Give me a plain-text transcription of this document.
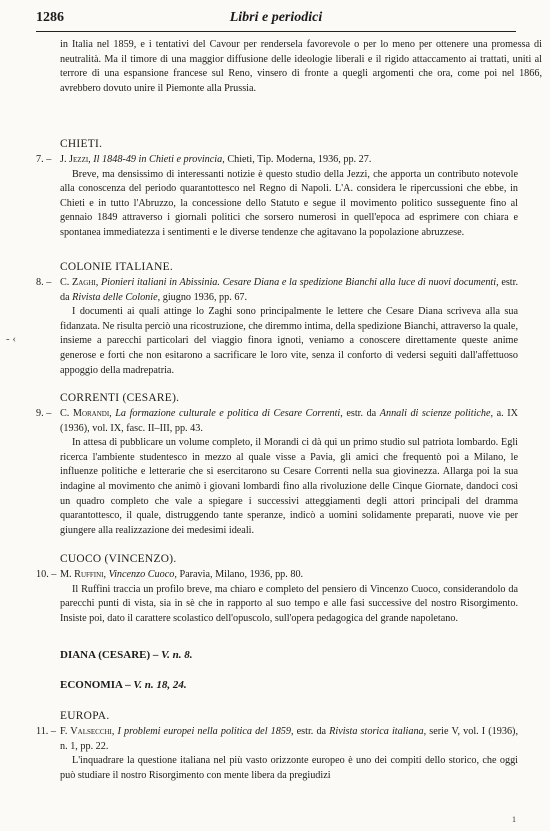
1286	Libri e periodici

in Italia nel 1859, e i tentativi del Cavour per rendersela favorevole o per lo meno per ottenere una promessa di neutralità. Ma il timore di una maggior diffusione delle ideologie liberali e il rigido attaccamento ai trattati, uniti al terrore di una espansione francese sul Reno, vinsero di fronte a quegli argomenti che ora, come poi nel 1866, avrebbero dovuto unire il Piemonte alla Prussia.

CHIETI.
7. – J. Jezzi, Il 1848-49 in Chieti e provincia, Chieti, Tip. Moderna, 1936, pp. 27.

Breve, ma densissimo di interessanti notizie è questo studio della Jezzi, che apporta un contributo notevole alla conoscenza del periodo quarantottesco nel Regno di Napoli. L'A. considera le ripercussioni che ebbe, in Chieti e in tutto l'Abruzzo, la concessione dello Statuto e segue il movimento politico susseguente fino al gennaio 1849 attraverso i giornali politici che sorsero numerosi in quell'epoca ad esprimere con chiara e spontanea immediatezza i sentimenti e le diverse tendenze che agitavano la popolazione abruzzese.

COLONIE ITALIANE.
8. – C. Zaghi, Pionieri italiani in Abissinia. Cesare Diana e la spedizione Bianchi alla luce di nuovi documenti, estr. da Rivista delle Colonie, giugno 1936, pp. 67.

I documenti ai quali attinge lo Zaghi sono principalmente le lettere che Cesare Diana scriveva alla sua fidanzata. Ne risulta perciò una ricostruzione, che diremmo intima, della spedizione Bianchi, attraverso la quale, insieme a parecchi particolari del viaggio finora ignoti, veniamo a conoscere direttamente queste anime generose e forti che non esitarono a sacrificare le loro vite, senza il conforto di vedersi seguiti dall'affettuoso appoggio della madrepatria.

CORRENTI (CESARE).
9. – C. Morandi, La formazione culturale e politica di Cesare Correnti, estr. da Annali di scienze politiche, a. IX (1936), vol. IX, fasc. II–III, pp. 43.

In attesa di pubblicare un volume completo, il Morandi ci dà qui un primo studio sul patriota lombardo. Egli ricerca l'ambiente studentesco in mezzo al quale visse a Pavia, gli amici che frequentò poi a Milano, le influenze politiche e letterarie che si esercitarono su Cesare Correnti nella sua giovinezza. Allarga poi la sua indagine al movimento che animò i giovani lombardi fino alla rivoluzione delle Cinque Giornate, dandoci così un quadro completo che vale a spiegare i successivi atteggiamenti degli attori principali del dramma quarantottesco, il quale, distruggendo tante speranze, indicò a uomini solidamente preparati, nuove vie per giungere alla realizzazione dei medesimi ideali.

CUOCO (VINCENZO).
10. – M. Ruffini, Vincenzo Cuoco, Paravia, Milano, 1936, pp. 80.

Il Ruffini traccia un profilo breve, ma chiaro e completo del pensiero di Vincenzo Cuoco, considerandolo da parecchi punti di vista, sia in sè che in rapporto al suo tempo e alle fasi successive del nostro Risorgimento. Insiste poi, dato il carattere scolastico dell'opuscolo, sull'opera pedagogica del grande napoletano.

DIANA (CESARE) – V. n. 8.
ECONOMIA – V. n. 18, 24.
EUROPA.
11. – F. Valsecchi, I problemi europei nella politica del 1859, estr. da Rivista storica italiana, serie V, vol. I (1936), n. 1, pp. 22.

L'inquadrare la questione italiana nel più vasto orizzonte europeo è uno dei compiti dello storico, che oggi può studiare il nostro Risorgimento con mente libera da pregiudizi

- ‹
1
